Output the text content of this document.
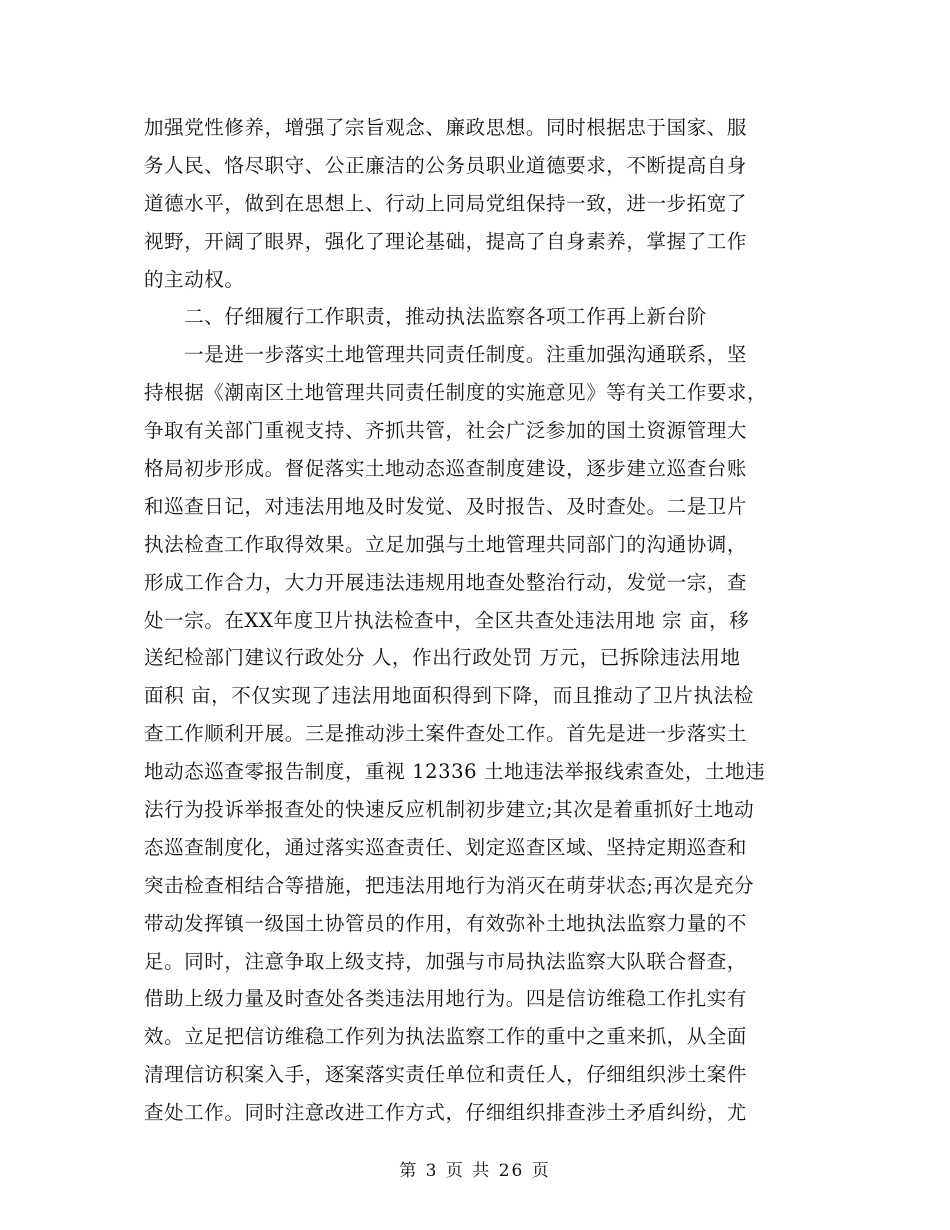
加强党性修养，增强了宗旨观念、廉政思想。同时根据忠于国家、服
务人民、恪尽职守、公正廉洁的公务员职业道德要求，不断提高自身
道德水平，做到在思想上、行动上同局党组保持一致，进一步拓宽了
视野，开阔了眼界，强化了理论基础，提高了自身素养，掌握了工作
的主动权。
　　二、仔细履行工作职责，推动执法监察各项工作再上新台阶
　　一是进一步落实土地管理共同责任制度。注重加强沟通联系，坚
持根据《潮南区土地管理共同责任制度的实施意见》等有关工作要求，
争取有关部门重视支持、齐抓共管，社会广泛参加的国土资源管理大
格局初步形成。督促落实土地动态巡查制度建设，逐步建立巡查台账
和巡查日记，对违法用地及时发觉、及时报告、及时查处。二是卫片
执法检查工作取得效果。立足加强与土地管理共同部门的沟通协调，
形成工作合力，大力开展违法违规用地查处整治行动，发觉一宗，查
处一宗。在XX年度卫片执法检查中，全区共查处违法用地 宗 亩，移
送纪检部门建议行政处分 人，作出行政处罚 万元，已拆除违法用地
面积 亩，不仅实现了违法用地面积得到下降，而且推动了卫片执法检
查工作顺利开展。三是推动涉土案件查处工作。首先是进一步落实土
地动态巡查零报告制度，重视 12336 土地违法举报线索查处，土地违
法行为投诉举报查处的快速反应机制初步建立;其次是着重抓好土地动
态巡查制度化，通过落实巡查责任、划定巡查区域、坚持定期巡查和
突击检查相结合等措施，把违法用地行为消灭在萌芽状态;再次是充分
带动发挥镇一级国土协管员的作用，有效弥补土地执法监察力量的不
足。同时，注意争取上级支持，加强与市局执法监察大队联合督查，
借助上级力量及时查处各类违法用地行为。四是信访维稳工作扎实有
效。立足把信访维稳工作列为执法监察工作的重中之重来抓，从全面
清理信访积案入手，逐案落实责任单位和责任人，仔细组织涉土案件
查处工作。同时注意改进工作方式，仔细组织排查涉土矛盾纠纷，尤
第 3 页 共 26 页
